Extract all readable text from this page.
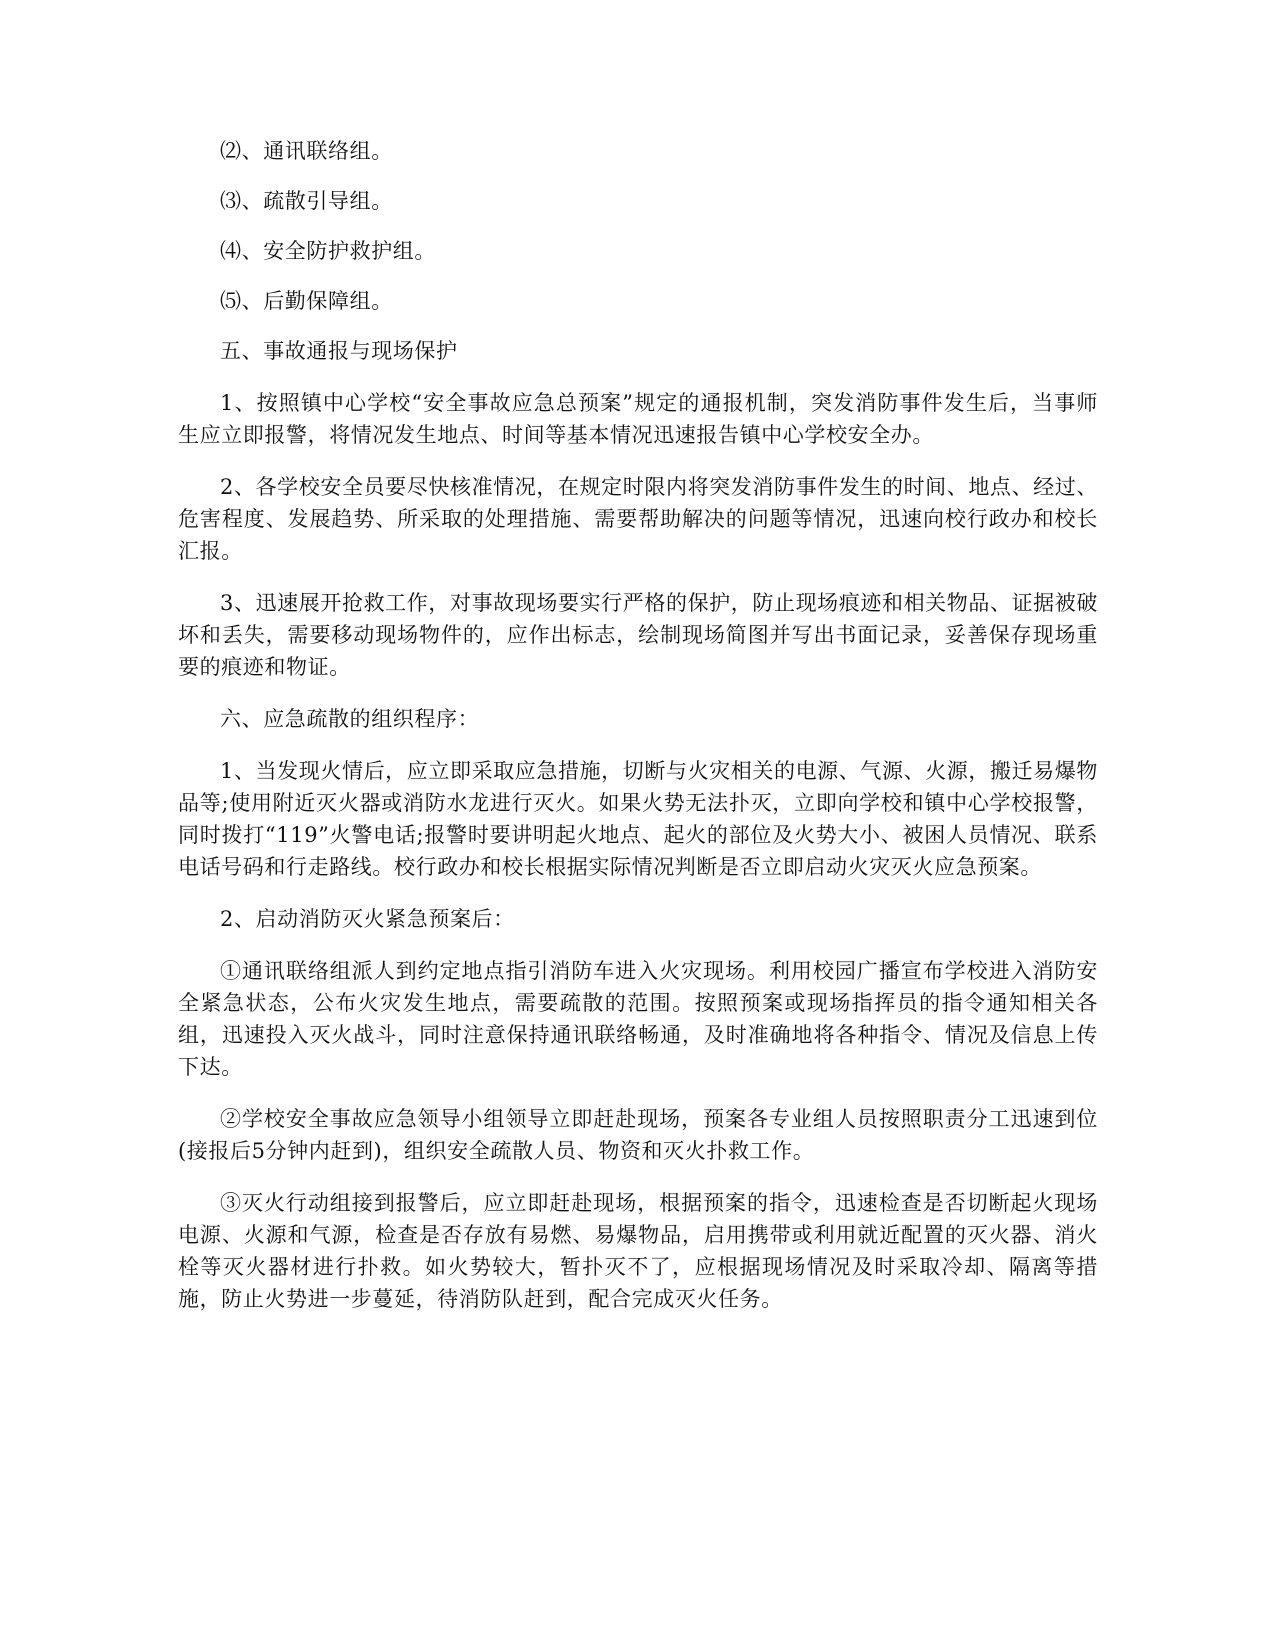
⑵、通讯联络组。

⑶、疏散引导组。

⑷、安全防护救护组。

⑸、后勤保障组。

五、事故通报与现场保护

1、按照镇中心学校“安全事故应急总预案”规定的通报机制，突发消防事件发生后，当事师生应立即报警，将情况发生地点、时间等基本情况迅速报告镇中心学校安全办。

2、各学校安全员要尽快核准情况，在规定时限内将突发消防事件发生的时间、地点、经过、危害程度、发展趋势、所采取的处理措施、需要帮助解决的问题等情况，迅速向校行政办和校长汇报。

3、迅速展开抢救工作，对事故现场要实行严格的保护，防止现场痕迹和相关物品、证据被破坏和丢失，需要移动现场物件的，应作出标志，绘制现场简图并写出书面记录，妥善保存现场重要的痕迹和物证。

六、应急疏散的组织程序：

1、当发现火情后，应立即采取应急措施，切断与火灾相关的电源、气源、火源，搬迁易爆物品等;使用附近灭火器或消防水龙进行灭火。如果火势无法扑灭，立即向学校和镇中心学校报警，同时拨打“119”火警电话;报警时要讲明起火地点、起火的部位及火势大小、被困人员情况、联系电话号码和行走路线。校行政办和校长根据实际情况判断是否立即启动火灾灭火应急预案。

2、启动消防灭火紧急预案后：

①通讯联络组派人到约定地点指引消防车进入火灾现场。利用校园广播宣布学校进入消防安全紧急状态，公布火灾发生地点，需要疏散的范围。按照预案或现场指挥员的指令通知相关各组，迅速投入灭火战斗，同时注意保持通讯联络畅通，及时准确地将各种指令、情况及信息上传下达。

②学校安全事故应急领导小组领导立即赶赴现场，预案各专业组人员按照职责分工迅速到位(接报后5分钟内赶到)，组织安全疏散人员、物资和灭火扑救工作。

③灭火行动组接到报警后，应立即赶赴现场，根据预案的指令，迅速检查是否切断起火现场电源、火源和气源，检查是否存放有易燃、易爆物品，启用携带或利用就近配置的灭火器、消火栓等灭火器材进行扑救。如火势较大，暂扑灭不了，应根据现场情况及时采取冷却、隔离等措施，防止火势进一步蔓延，待消防队赶到，配合完成灭火任务。
